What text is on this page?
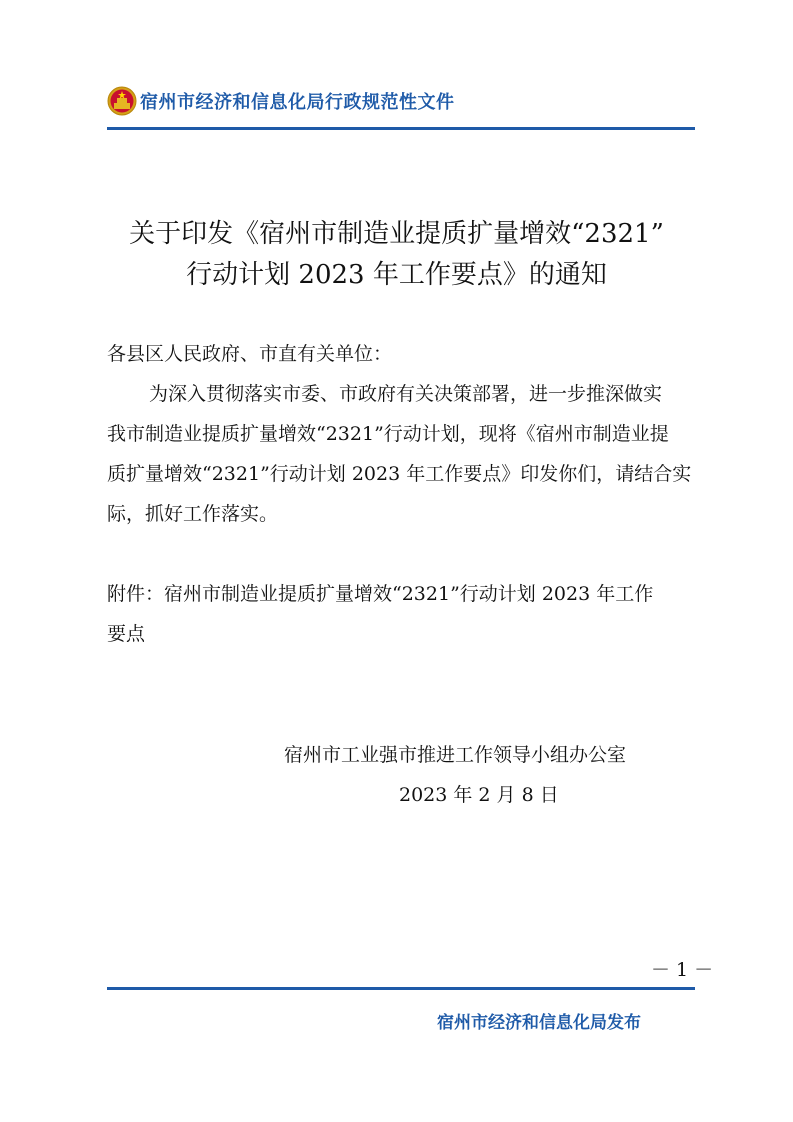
宿州市经济和信息化局行政规范性文件
关于印发《宿州市制造业提质扩量增效“2321”
行动计划 2023 年工作要点》的通知
各县区人民政府、市直有关单位：
为深入贯彻落实市委、市政府有关决策部署，进一步推深做实
我市制造业提质扩量增效“2321”行动计划，现将《宿州市制造业提
质扩量增效“2321”行动计划 2023 年工作要点》印发你们，请结合实
际，抓好工作落实。
附件：宿州市制造业提质扩量增效“2321”行动计划 2023 年工作
要点
宿州市工业强市推进工作领导小组办公室
2023 年 2 月 8 日
－ 1 －
宿州市经济和信息化局发布
